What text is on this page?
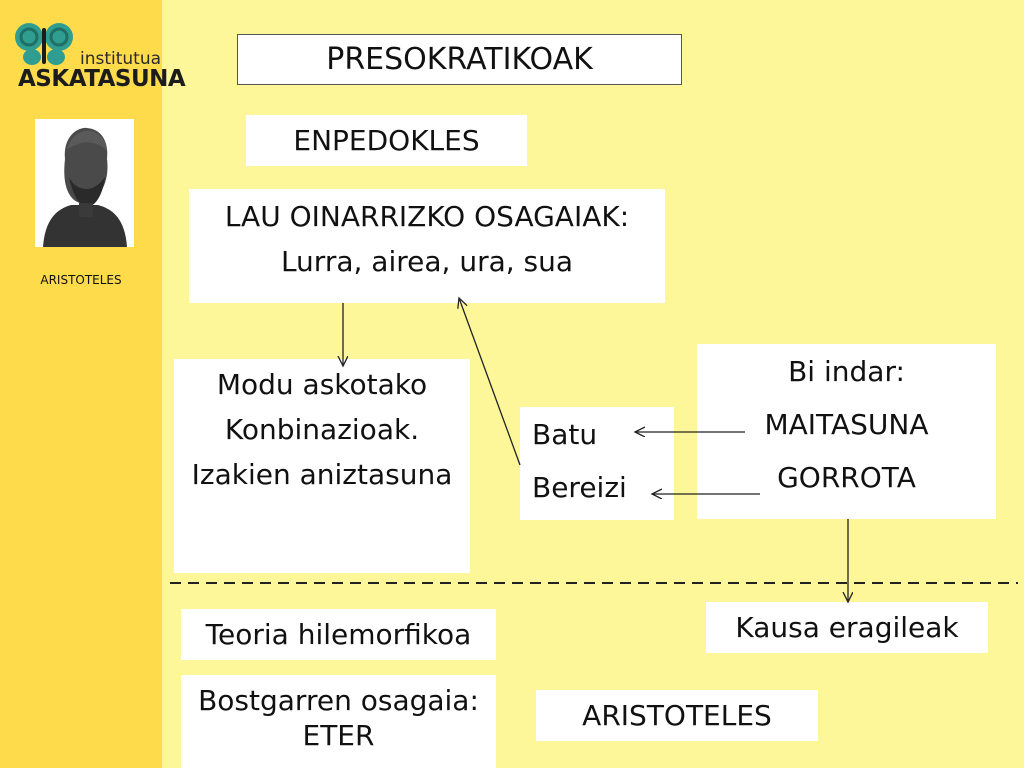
institutua
ASKATASUNA
ARISTOTELES
PRESOKRATIKOAK
ENPEDOKLES

LAU OINARRIZKO OSAGAIAK:

Lurra, airea, ura, sua

Modu askotako

Konbinazioak.

Izakien aniztasuna

Batu

Bereizi

Bi indar:

MAITASUNA

GORROTA

Kausa eragileak
Teoria hilemorfikoa
Bostgarren osagaia: ETER
ARISTOTELES
